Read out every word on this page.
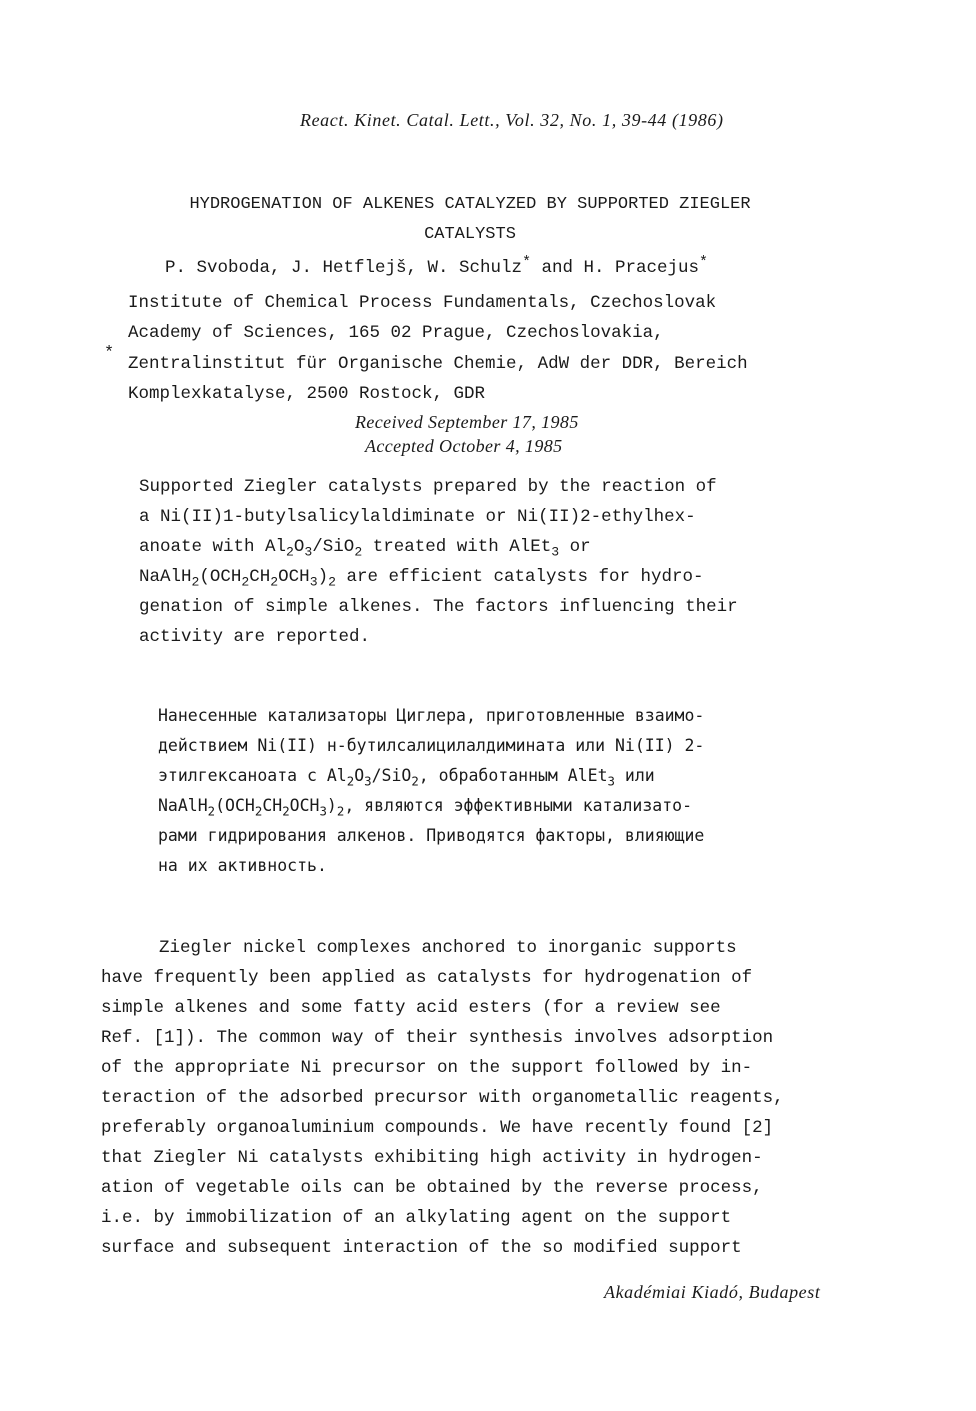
React. Kinet. Catal. Lett., Vol. 32, No. 1, 39-44 (1986)
HYDROGENATION OF ALKENES CATALYZED BY SUPPORTED ZIEGLER
CATALYSTS
P. Svoboda, J. Hetflejš, W. Schulz* and H. Pracejus*
Institute of Chemical Process Fundamentals, Czechoslovak
Academy of Sciences, 165 02 Prague, Czechoslovakia,
Zentralinstitut für Organische Chemie, AdW der DDR, Bereich
Komplexkatalyse, 2500 Rostock, GDR
*
Received September 17, 1985
Accepted October 4, 1985
Supported Ziegler catalysts prepared by the reaction of
a Ni(II)1-butylsalicylaldiminate or Ni(II)2-ethylhex-
anoate with $Al_2O_3/SiO_2$ treated with AlEt$_3$ or
$NaAlH_2(OCH_2CH_2OCH_3)_2$ are efficient catalysts for hydro-
genation of simple alkenes. The factors influencing their
activity are reported.
Нанесенные катализаторы Циглера, приготовленные взаимо-
действием Ni(II) н-бутилсалицилалдимината или Ni(II) 2-
этилгексаноата с $Al_2O_3/SiO_2$, обработанным AlEt$_3$ или
$NaAlH_2(OCH_2CH_2OCH_3)_2$, являются эффективными катализато-
рами гидрирования алкенов. Приводятся факторы, влияющие
на их активность.
Ziegler nickel complexes anchored to inorganic supports
have frequently been applied as catalysts for hydrogenation of
simple alkenes and some fatty acid esters (for a review see
Ref. [1]). The common way of their synthesis involves adsorption
of the appropriate Ni precursor on the support followed by in-
teraction of the adsorbed precursor with organometallic reagents,
preferably organoaluminium compounds. We have recently found [2]
that Ziegler Ni catalysts exhibiting high activity in hydrogen-
ation of vegetable oils can be obtained by the reverse process,
i.e. by immobilization of an alkylating agent on the support
surface and subsequent interaction of the so modified support
Akadémiai Kiadó, Budapest
